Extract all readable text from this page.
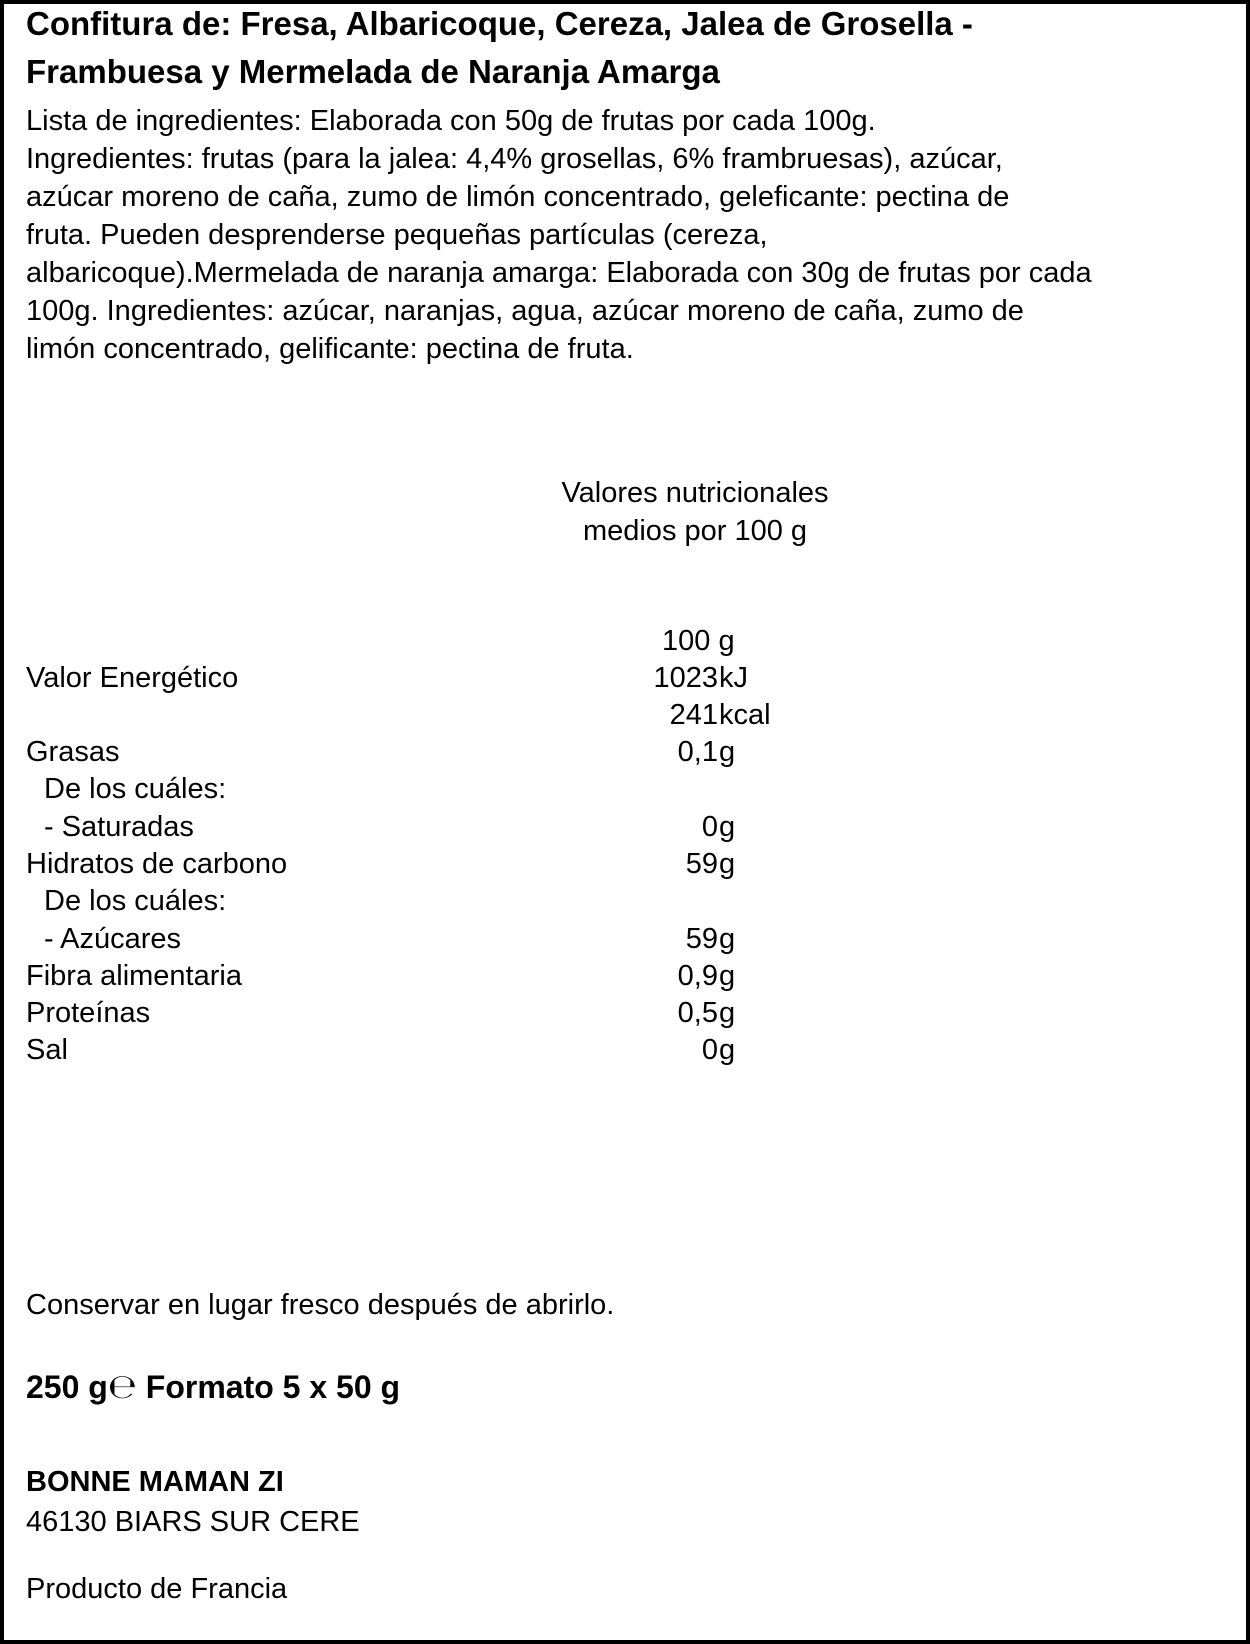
Confitura de: Fresa, Albaricoque, Cereza, Jalea de Grosella -
Frambuesa y Mermelada de Naranja Amarga
Lista de ingredientes: Elaborada con 50g de frutas por cada 100g.
Ingredientes: frutas (para la jalea: 4,4% grosellas, 6% frambruesas), azúcar,
azúcar moreno de caña, zumo de limón concentrado, geleficante: pectina de
fruta. Pueden desprenderse pequeñas partículas (cereza,
albaricoque).Mermelada de naranja amarga: Elaborada con 30g de frutas por cada
100g. Ingredientes: azúcar, naranjas, agua, azúcar moreno de caña, zumo de
limón concentrado, gelificante: pectina de fruta.
Valores nutricionales
medios por 100 g
100 g
Valor Energético	1023 kJ
241 kcal
Grasas	0,1 g
De los cuáles:
- Saturadas	0 g
Hidratos de carbono	59 g
De los cuáles:
- Azúcares	59 g
Fibra alimentaria	0,9 g
Proteínas	0,5 g
Sal	0 g
Conservar en lugar fresco después de abrirlo.
250 g℮ Formato 5 x 50 g
BONNE MAMAN ZI
46130 BIARS SUR CERE
Producto de Francia
